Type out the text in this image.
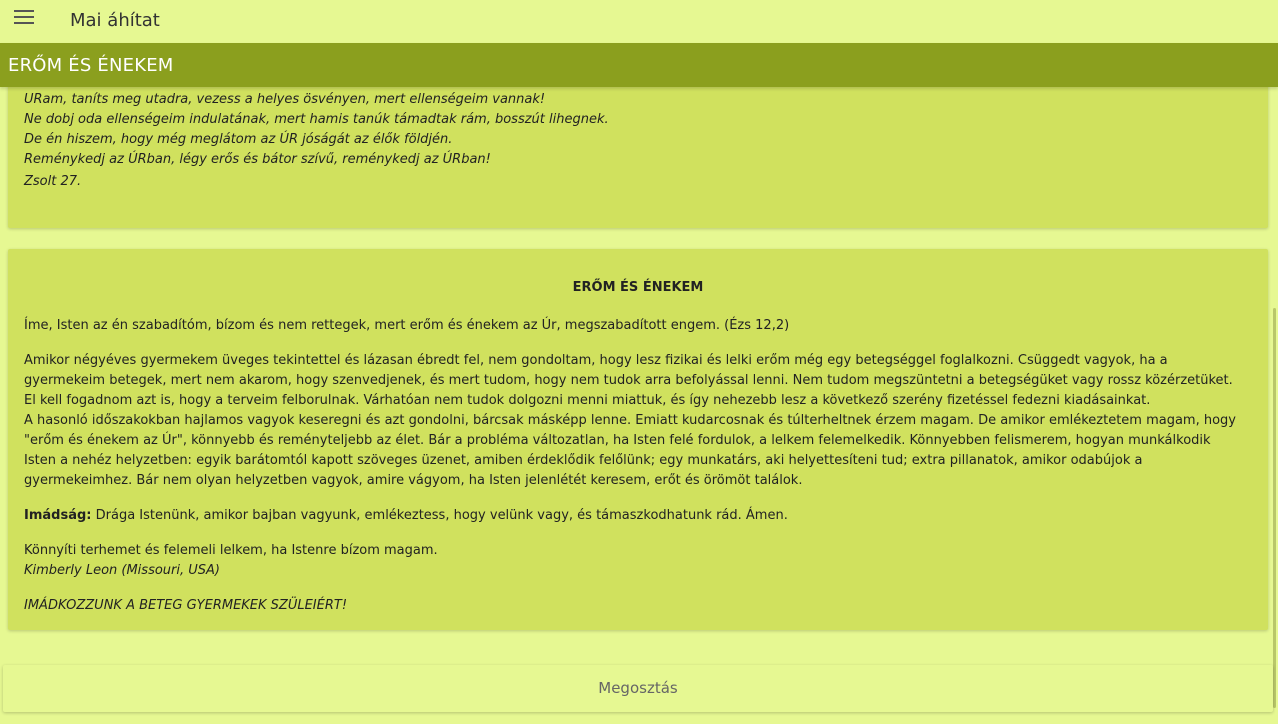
Mai áhítat
URam, taníts meg utadra, vezess a helyes ösvényen, mert ellenségeim vannak!
Ne dobj oda ellenségeim indulatának, mert hamis tanúk támadtak rám, bosszút lihegnek.
De én hiszem, hogy még meglátom az ÚR jóságát az élők földjén.
Reménykedj az ÚRban, légy erős és bátor szívű, reménykedj az ÚRban!
Zsolt 27.
ERŐM ÉS ÉNEKEM
Íme, Isten az én szabadítóm, bízom és nem rettegek, mert erőm és énekem az Úr, megszabadított engem. (Ézs 12,2)
Amikor négyéves gyermekem üveges tekintettel és lázasan ébredt fel, nem gondoltam, hogy lesz fizikai és lelki erőm még egy betegséggel foglalkozni. Csüggedt vagyok, ha a gyermekeim betegek, mert nem akarom, hogy szenvedjenek, és mert tudom, hogy nem tudok arra befolyással lenni. Nem tudom megszüntetni a betegségüket vagy rossz közérzetüket. El kell fogadnom azt is, hogy a terveim felborulnak. Várhatóan nem tudok dolgozni menni miattuk, és így nehezebb lesz a következő szerény fizetéssel fedezni kiadásainkat.
A hasonló időszakokban hajlamos vagyok keseregni és azt gondolni, bárcsak másképp lenne. Emiatt kudarcosnak és túlterheltnek érzem magam. De amikor emlékeztetem magam, hogy "erőm és énekem az Úr", könnyebb és reményteljebb az élet. Bár a probléma változatlan, ha Isten felé fordulok, a lelkem felemelkedik. Könnyebben felismerem, hogyan munkálkodik Isten a nehéz helyzetben: egyik barátomtól kapott szöveges üzenet, amiben érdeklődik felőlünk; egy munkatárs, aki helyettesíteni tud; extra pillanatok, amikor odabújok a gyermekeimhez. Bár nem olyan helyzetben vagyok, amire vágyom, ha Isten jelenlétét keresem, erőt és örömöt találok.
Imádság: Drága Istenünk, amikor bajban vagyunk, emlékeztess, hogy velünk vagy, és támaszkodhatunk rád. Ámen.
Könnyíti terhemet és felemeli lelkem, ha Istenre bízom magam.
Kimberly Leon (Missouri, USA)
IMÁDKOZZUNK A BETEG GYERMEKEK SZÜLEIÉRT!
ERŐM ÉS ÉNEKEM
Megosztás
